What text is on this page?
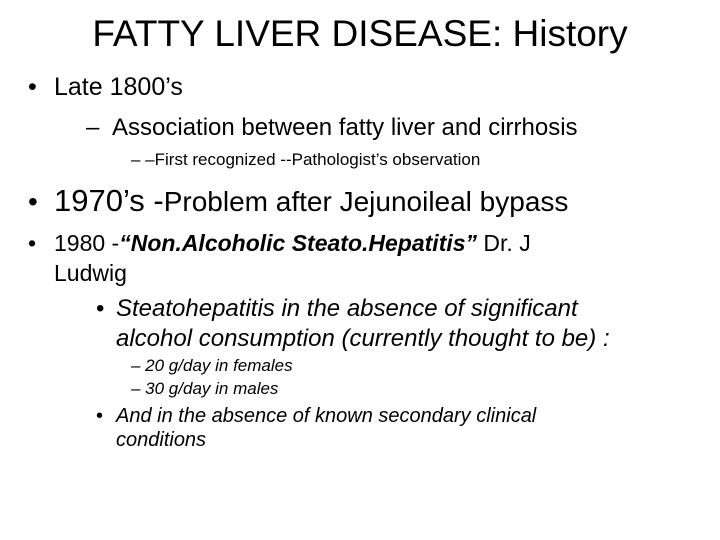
FATTY LIVER DISEASE: History
• Late 1800’s
– Association between fatty liver and cirrhosis
– –First recognized --Pathologist’s observation
• 1970’s -Problem after Jejunoileal bypass
• 1980 -“Non.Alcoholic Steato.Hepatitis” Dr. J
Ludwig
• Steatohepatitis in the absence of significant
alcohol consumption (currently thought to be) :
– 20 g/day in females
– 30 g/day in males
• And in the absence of known secondary clinical
conditions
